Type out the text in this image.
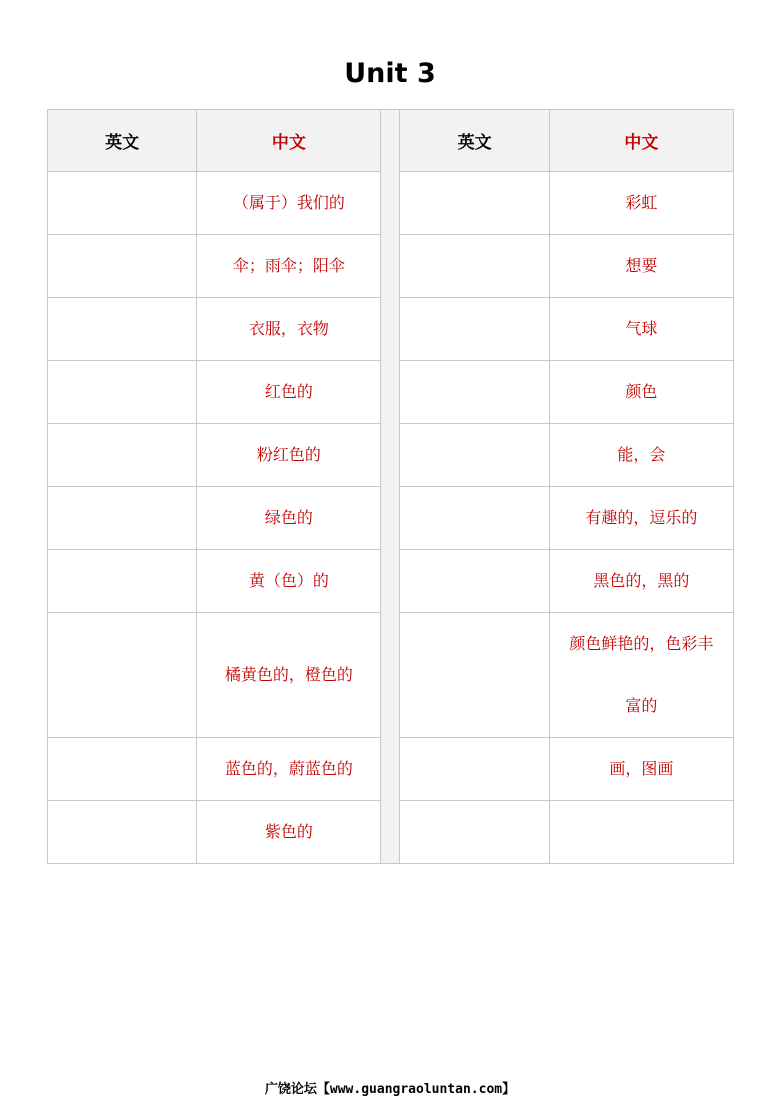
Unit 3
英文	中文		英文	中文
	（属于）我们的			彩虹
	伞；雨伞；阳伞			想要
	衣服，衣物			气球
	红色的			颜色
	粉红色的			能，会
	绿色的			有趣的，逗乐的
	黄（色）的			黑色的，黑的
	橘黄色的，橙色的			颜色鲜艳的，色彩丰富的
	蓝色的，蔚蓝色的			画，图画
	紫色的			
广饶论坛【www.guangraoluntan.com】
